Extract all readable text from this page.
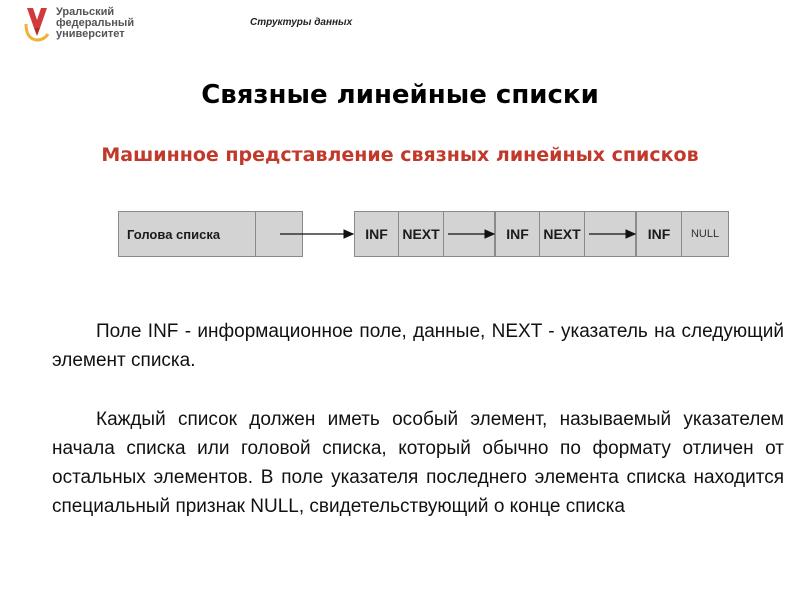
Уральский
федеральный
университет
Структуры данных
Связные линейные списки
Машинное представление связных линейных списков
Голова списка	INF NEXT	INF NEXT	INF NULL
Поле INF - информационное поле, данные, NEXT - указатель на следующий элемент списка.
Каждый список должен иметь особый элемент, называемый указателем начала списка или головой списка, который обычно по формату отличен от остальных элементов. В поле указателя последнего элемента списка находится специальный признак NULL, свидетельствующий о конце списка
